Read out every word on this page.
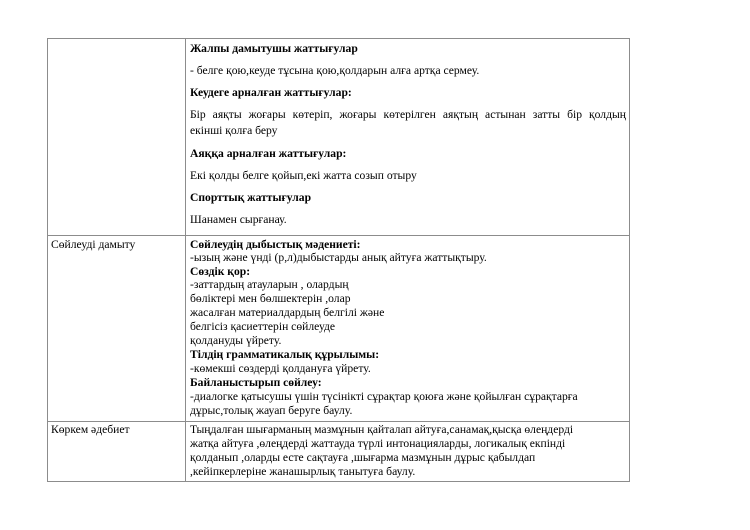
Жалпы дамытушы жаттығулар
- белге қою,кеуде тұсына қою,қолдарын алға артқа сермеу.
Кеудеге арналған жаттығулар:
Бір аяқты жоғары көтеріп, жоғары көтерілген аяқтың астынан затты бір қолдың
екінші қолға беру
Аяққа арналған жаттығулар:
Екі қолды белге қойып,екі жатта созып отыру
Спорттық жаттығулар
Шанамен сырғанау.
Сөйлеуді дамыту	Сөйлеудің дыбыстық мәдениеті:
-ызың және үнді (р,л)дыбыстарды анық айтуға жаттықтыру.
Сөздік қор:
-заттардың атауларын , олардың
бөліктері мен бөлшектерін ,олар
жасалған материалдардың белгілі және
белгісіз қасиеттерін сөйлеуде
қолдануды үйрету.
Тілдің грамматикалық құрылымы:
-көмекші сөздерді қолдануға үйрету.
Байланыстырып сөйлеу:
-диалогке қатысушы үшін түсінікті сұрақтар қоюға және қойылған сұрақтарға
дұрыс,толық жауап беруге баулу.
Көркем әдебиет	Тыңдалған шығарманың мазмұнын қайталап айтуға,санамақ,қысқа өлеңдерді
жатқа айтуға ,өлеңдерді жаттауда түрлі интонацияларды, логикалық екпінді
қолданып ,оларды есте сақтауға ,шығарма мазмұнын дұрыс қабылдап
,кейіпкерлеріне жанашырлық танытуға баулу.
